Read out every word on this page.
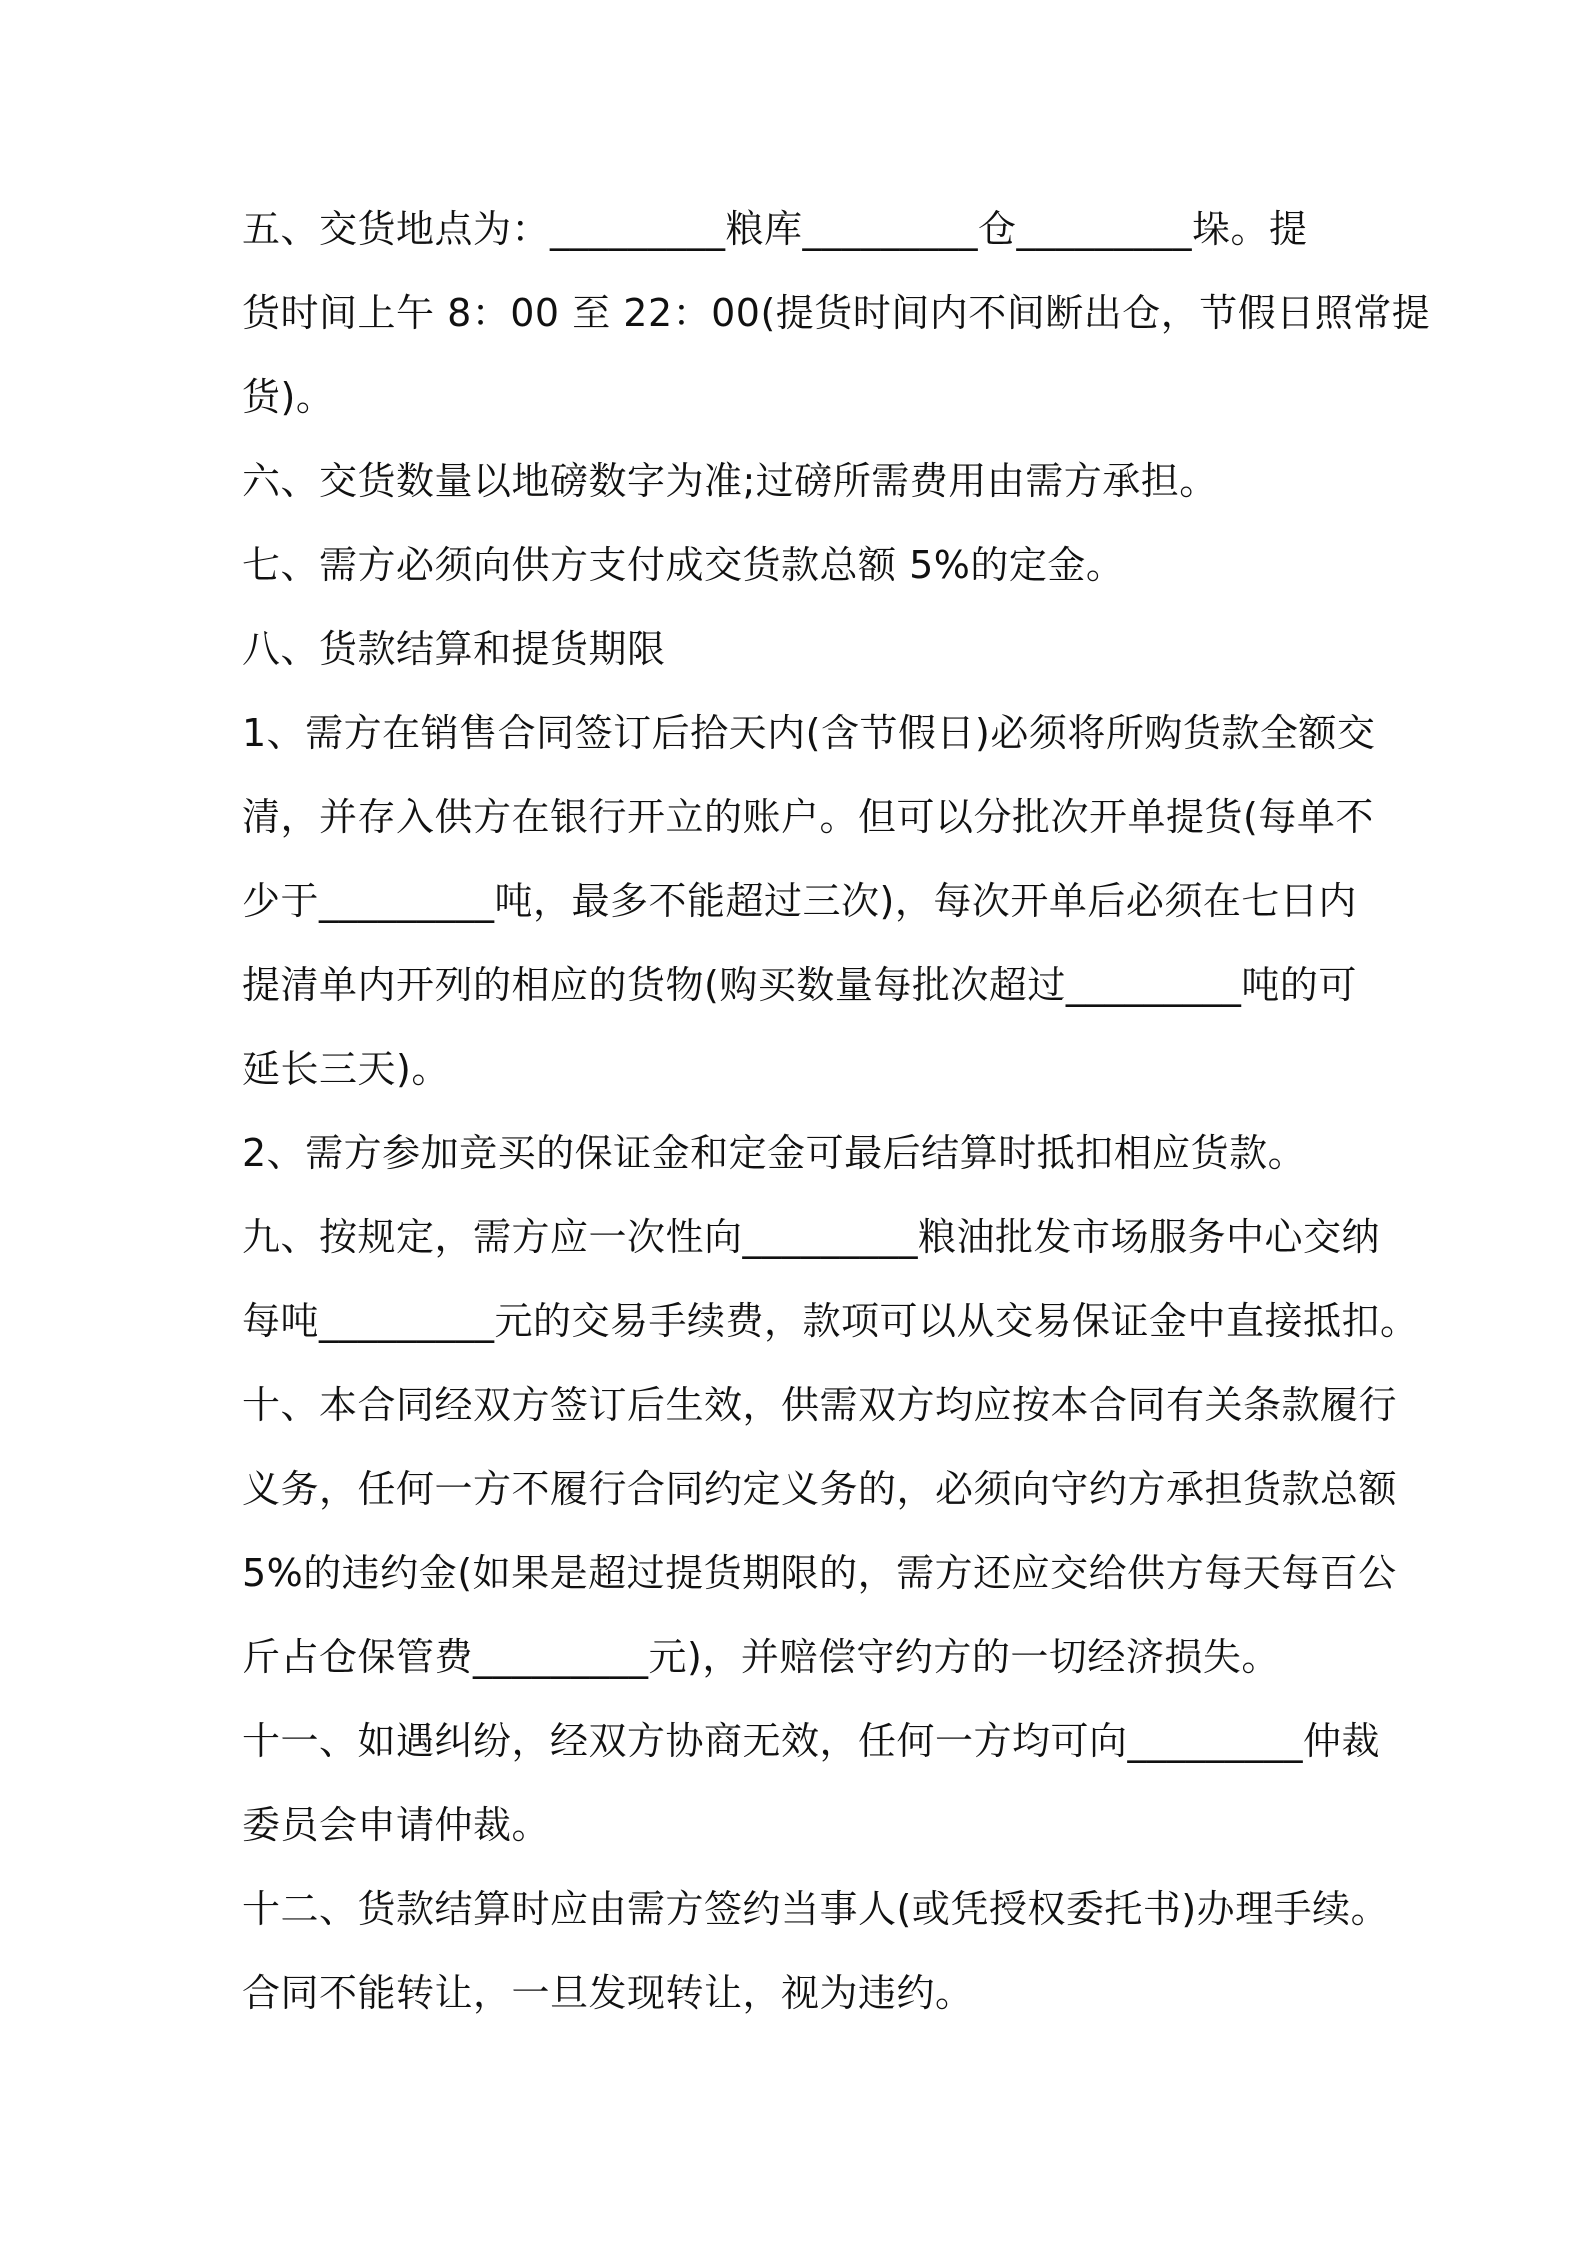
五、交货地点为：_________粮库_________仓_________垛。提
货时间上午 8：00 至 22：00(提货时间内不间断出仓，节假日照常提
货)。
六、交货数量以地磅数字为准;过磅所需费用由需方承担。
七、需方必须向供方支付成交货款总额 5%的定金。
八、货款结算和提货期限
1、需方在销售合同签订后拾天内(含节假日)必须将所购货款全额交
清，并存入供方在银行开立的账户。但可以分批次开单提货(每单不
少于_________吨，最多不能超过三次)，每次开单后必须在七日内
提清单内开列的相应的货物(购买数量每批次超过_________吨的可
延长三天)。
2、需方参加竞买的保证金和定金可最后结算时抵扣相应货款。
九、按规定，需方应一次性向_________粮油批发市场服务中心交纳
每吨_________元的交易手续费，款项可以从交易保证金中直接抵扣。
十、本合同经双方签订后生效，供需双方均应按本合同有关条款履行
义务，任何一方不履行合同约定义务的，必须向守约方承担货款总额
5%的违约金(如果是超过提货期限的，需方还应交给供方每天每百公
斤占仓保管费_________元)，并赔偿守约方的一切经济损失。
十一、如遇纠纷，经双方协商无效，任何一方均可向_________仲裁
委员会申请仲裁。
十二、货款结算时应由需方签约当事人(或凭授权委托书)办理手续。
合同不能转让，一旦发现转让，视为违约。
